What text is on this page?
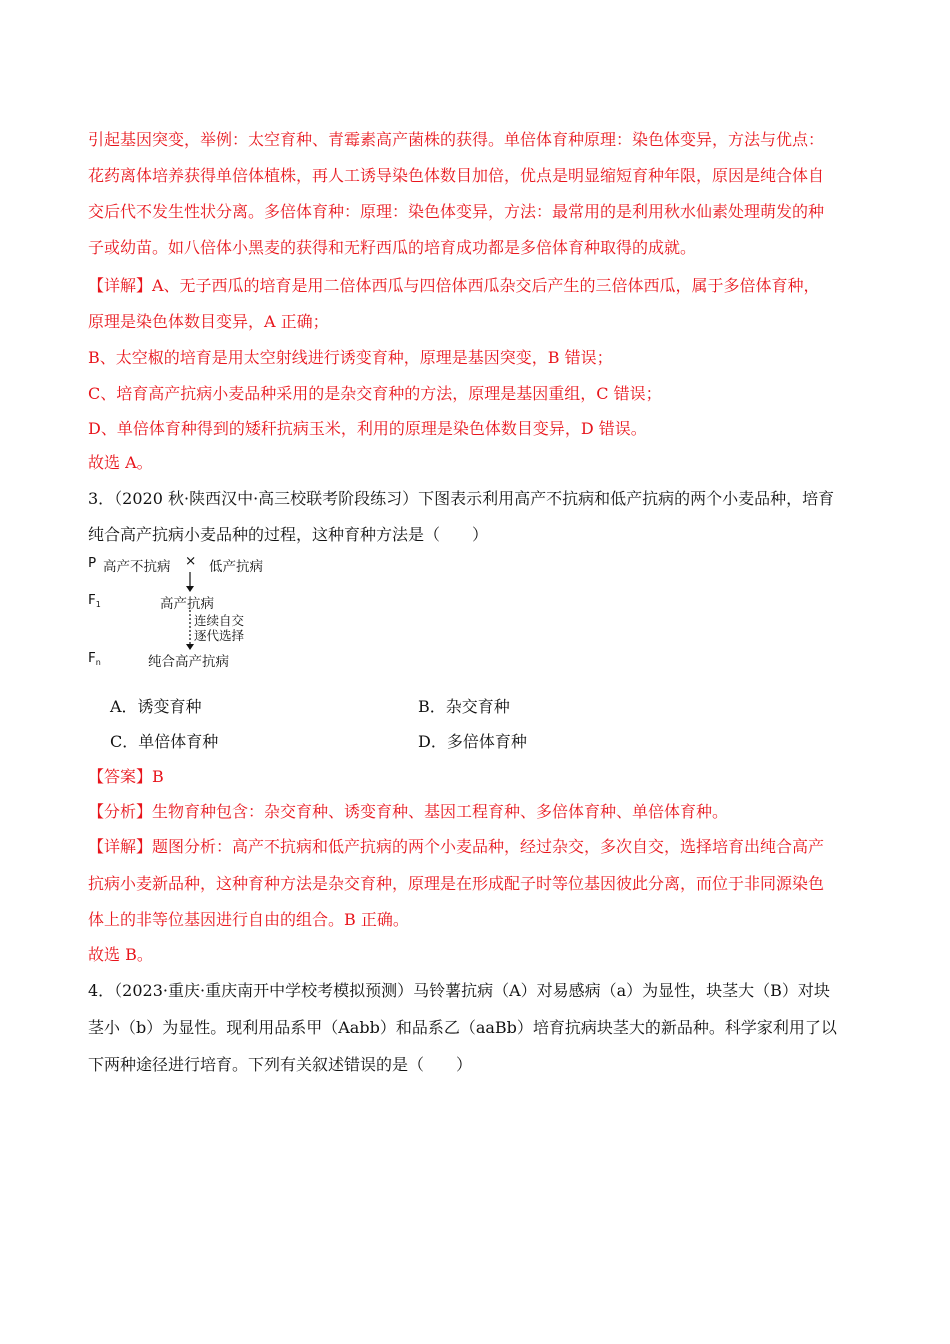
引起基因突变，举例：太空育种、青霉素高产菌株的获得。单倍体育种原理：染色体变异，方法与优点：
花药离体培养获得单倍体植株，再人工诱导染色体数目加倍，优点是明显缩短育种年限，原因是纯合体自
交后代不发生性状分离。多倍体育种：原理：染色体变异，方法：最常用的是利用秋水仙素处理萌发的种
子或幼苗。如八倍体小黑麦的获得和无籽西瓜的培育成功都是多倍体育种取得的成就。
【详解】A、无子西瓜的培育是用二倍体西瓜与四倍体西瓜杂交后产生的三倍体西瓜，属于多倍体育种，
原理是染色体数目变异，A 正确；
B、太空椒的培育是用太空射线进行诱变育种，原理是基因突变，B 错误；
C、培育高产抗病小麦品种采用的是杂交育种的方法，原理是基因重组，C 错误；
D、单倍体育种得到的矮秆抗病玉米，利用的原理是染色体数目变异，D 错误。
故选 A。
3．（2020 秋·陕西汉中·高三校联考阶段练习）下图表示利用高产不抗病和低产抗病的两个小麦品种，培育
纯合高产抗病小麦品种的过程，这种育种方法是（　　）
P 高产不抗病 × 低产抗病
$F_1$	高产抗病
连续自交
逐代选择
$F_n$	纯合高产抗病
A．诱变育种	B．杂交育种
C．单倍体育种	D．多倍体育种
【答案】B
【分析】生物育种包含：杂交育种、诱变育种、基因工程育种、多倍体育种、单倍体育种。
【详解】题图分析：高产不抗病和低产抗病的两个小麦品种，经过杂交，多次自交，选择培育出纯合高产
抗病小麦新品种，这种育种方法是杂交育种，原理是在形成配子时等位基因彼此分离，而位于非同源染色
体上的非等位基因进行自由的组合。B 正确。
故选 B。
4．（2023·重庆·重庆南开中学校考模拟预测）马铃薯抗病（A）对易感病（a）为显性，块茎大（B）对块
茎小（b）为显性。现利用品系甲（Aabb）和品系乙（aaBb）培育抗病块茎大的新品种。科学家利用了以
下两种途径进行培育。下列有关叙述错误的是（　　）
